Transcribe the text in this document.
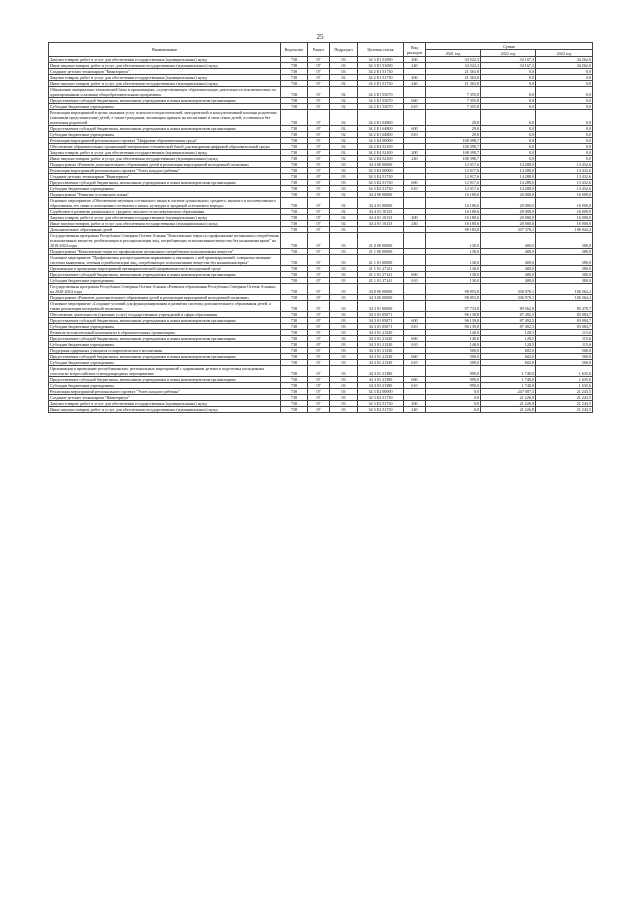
25
Наименование	Ведомство	Раздел	Подраздел	Целевая статья	Вид расходов	Сумма		
						2021 год	2022 год	2023 год
Закупка товаров, работ и услуг для обеспечения государственных (муниципальных) нужд	738	07	03	34 3 Е1 51690	200	34 522,3	34 167,3	34 262,0
Иные закупки товаров, работ и услуг для обеспечения государственных (муниципальных) нужд	738	07	03	34 3 Е1 51690	240	34 522,3	34 167,3	34 262,0
Создание детских технопарков "Кванториум"	738	07	03	34 2 Е1 51730		21 363,8	0,0	0,0
Закупка товаров, работ и услуг для обеспечения государственных (муниципальных) нужд	738	07	02	34 2 Е1 51730	200	21 363,8	0,0	0,0
Иные закупки товаров, работ и услуг для обеспечения государственных (муниципальных) нужд	738	07	02	34 2 Е1 51730	240	21 363,8	0,0	0,0
Обновление материально-технической базы в организациях, осуществляющих образовательную деятельность исключительно по адаптированным основным общеобразовательным программам	738	07	02	34 2 Е1 53070		7 355,8	0,0	0,0
Предоставление субсидий бюджетным, автономным учреждениям и иным некоммерческим организациям	738	07	02	34 2 Е1 53070	600	7 355,8	0,0	0,0
Субсидии бюджетным учреждениям	738	07	02	34 2 Е1 53070	610	7 355,8	0,0	0,0
Реализация мероприятий в целях оказания услуг психолого-педагогической, методической и консультативной помощи родителям (законным представителям) детей, а также гражданам, желающим принять на воспитание в свои семьи детей, оставшихся без попечения родителей	738	07	02	34 2 Е1 64800		29,8	0,0	0,0
Предоставление субсидий бюджетным, автономным учреждениям и иным некоммерческим организациям	738	07	02	34 2 Е1 64800	600	29,8	0,0	0,0
Субсидии бюджетным учреждениям	738	07	02	34 2 Е1 64800	610	29,8	0,0	0,0
Реализация мероприятий регионального проекта "Цифровая образовательная среда"	738	07	02	34 2 Е4 00000		108 398,7	0,0	0,0
Обеспечение образовательных организаций материально-технической базой для внедрения цифровой образовательной среды	738	07	02	34 2 Е4 52100		108 398,7	0,0	0,0
Закупка товаров, работ и услуг для обеспечения государственных (муниципальных) нужд	738	07	02	34 2 Е4 52100	200	108 398,7	0,0	0,0
Иные закупки товаров, работ и услуг для обеспечения государственных (муниципальных) нужд	738	07	02	34 2 Е4 52100	240	108 398,7	0,0	0,0
Подпрограмма «Развитие дополнительного образования детей и реализация мероприятий молодежной политики»	738	07	03	34 3 00 00000		12 017,6	14 288,0	13 432,6
Реализация мероприятий регионального проекта "Успех каждого ребенка"	738	07	03	34 3 Е2 00000		12 017,6	14 288,0	13 432,6
Создание детских технопарков "Кванториум"	738	07	03	34 3 Е2 51730		12 017,6	14 288,0	13 432,6
Предоставление субсидий бюджетным, автономным учреждениям и иным некоммерческим организациям	738	07	03	34 3 Е2 51730	600	12 017,6	14 288,0	13 432,6
Субсидии бюджетным учреждениям	738	07	03	34 3 Е2 51730	610	12 017,6	14 288,0	13 432,6
Подпрограмма "Развитие осетинского языка"	738	07	02	34 4 00 00000		16 180,6	20 000,0	16 000,0
Основное мероприятие «Обеспечение изучения осетинского языка в системе дошкольного, среднего, высшего и послевузовского образования, его связи в пополнении осетинского языка, культуры и традиций осетинского народа»	738	07	02	34 4 01 00000		16 180,6	20 000,0	16 000,0
Содействие в развитии дошкольного, среднего, высшего и послевузовского образования	738	07	02	34 4 01 10133		16 180,6	20 000,0	16 000,0
Закупка товаров, работ и услуг для обеспечения государственных (муниципальных) нужд	738	07	02	34 4 01 10133	200	16 180,6	20 000,0	16 000,0
Иные закупки товаров, работ и услуг для обеспечения государственных (муниципальных) нужд	738	07	02	34 4 01 10133	240	16 180,6	20 000,0	16 000,0
Дополнительное образование детей	738	07	03			98 183,8	337 370,1	106 944,2
Государственная программа Республики Северная Осетия-Алания "Комплексные меры по профилактике незаконного потребления психоактивных веществ, реабилитации и ресоциализации лиц, потребляющих психоактивные вещества без назначения врача" на 2019-2024 годы	738	07	03	21 0 00 00000		130,0	400,0	380,0
Подпрограмма "Комплексные меры по профилактике незаконного потребления психоактивных веществ"	738	07	03	21 1 00 00000		130,0	400,0	380,0
Основное мероприятие "Профилактика распространения наркомании и связанных с ней правонарушений, совершенствование системы выявления, лечения и реабилитации лиц, потребляющих психоактивные вещества без назначения врача"	738	07	03	21 1 01 00000		130,0	400,0	380,0
Организация и проведение мероприятий антинаркотической направленности в молодежной среде	738	07	03	21 1 01 27141		130,0	400,0	380,0
Предоставление субсидий бюджетным, автономным учреждениям и иным некоммерческим организациям	738	07	03	21 1 01 27141	600	130,0	400,0	380,0
Субсидии бюджетным учреждениям	738	07	03	21 1 01 27141	610	130,0	400,0	380,0
Государственная программа Республики Северная Осетия-Алания «Развитие образования Республики Северная Осетия-Алания» на 2020-2024 годы	738	07	03	34 0 00 00000		98 053,8	336 970,1	106 564,2
Подпрограмма «Развитие дополнительного образования детей и реализация мероприятий молодежной политики»	738	07	03	34 3 00 00000		98 053,8	336 970,1	106 564,2
Основное мероприятие «Создание условий для функционирования и развития системы дополнительного образования детей, а также реализация молодежной политики»	738	07	03	34 3 01 00000		97 733,8	89 562,8	85 470,7
Обеспечение деятельности (оказание услуг) государственных учреждений в сфере образования	738	07	03	34 3 01 05071		96 139,8	87 492,5	83 084,7
Предоставление субсидий бюджетным, автономным учреждениям и иным некоммерческим организациям	738	07	03	34 3 01 05071	600	96 139,8	87 492,5	83 084,7
Субсидии бюджетным учреждениям	738	07	03	34 3 01 05071	610	96 139,8	87 492,5	83 084,7
Развитие воспитательной компоненты в образовательных организациях	738	07	03	34 3 01 21320		140,0	128,5	115,6
Предоставление субсидий бюджетным, автономным учреждениям и иным некоммерческим организациям	738	07	03	34 3 01 21320	600	140,0	128,5	115,6
Субсидии бюджетным учреждениям	738	07	03	34 3 01 21320	610	140,0	128,5	115,6
Поддержка одаренных учащихся и патриотического воспитания	738	07	03	34 3 01 21330		500,0	602,0	568,8
Предоставление субсидий бюджетным, автономным учреждениям и иным некоммерческим организациям	738	07	03	34 3 01 21330	600	500,0	602,0	568,8
Субсидии бюджетным учреждениям	738	07	03	34 3 01 21330	610	500,0	602,0	568,8
Организация и проведение республиканских, региональных мероприятий с одаренными детьми и подготовка молодежных участия во всероссийских и международных мероприятиях	738	07	03	34 3 01 21380		990,0	1 740,0	1 635,6
Предоставление субсидий бюджетным, автономным учреждениям и иным некоммерческим организациям	738	07	03	34 3 01 21380	600	990,0	1 740,0	1 635,6
Субсидии бюджетным учреждениям	738	07	03	34 3 01 21380	610	990,0	1 740,0	1 635,6
Реализация мероприятий регионального проекта "Успех каждого ребенка"	738	07	03	34 3 Е2 00000		0,0	247 007,3	21 243,5
Создание детских технопарков "Кванториум"	738	07	03	34 3 Е2 51730		0,0	21 226,8	21 243,5
Закупка товаров, работ и услуг для обеспечения государственных (муниципальных) нужд	738	07	03	34 3 Е2 51730	200	0,0	21 226,8	21 243,5
Иные закупки товаров, работ и услуг для обеспечения государственных (муниципальных) нужд	738	07	03	34 3 Е2 51730	240	0,0	21 226,8	21 243,5
